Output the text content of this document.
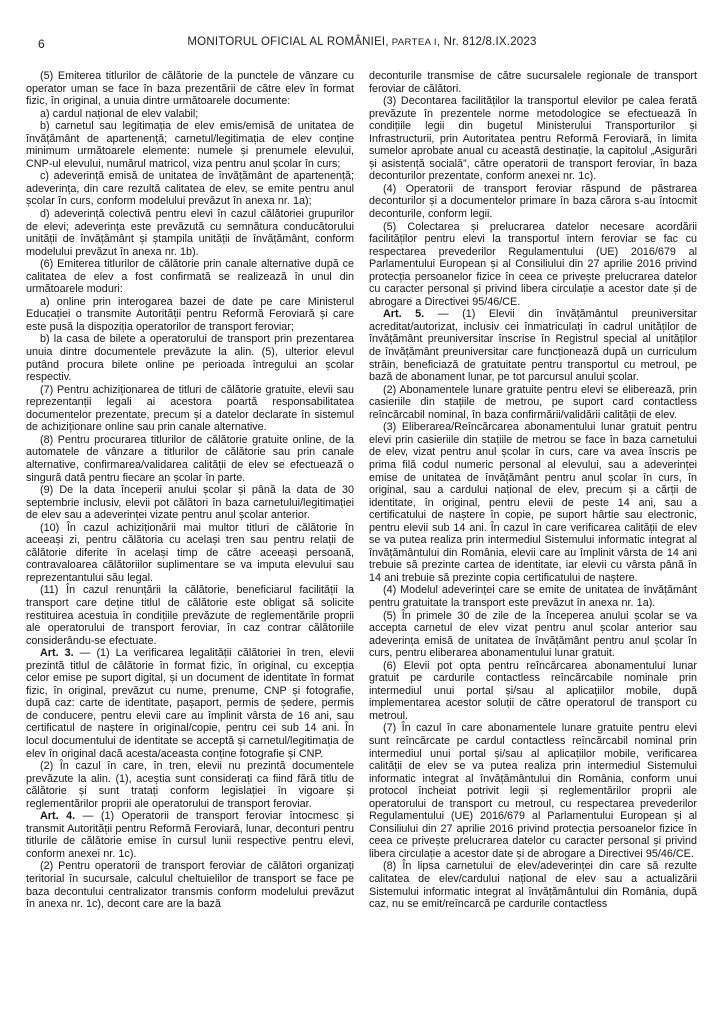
6	MONITORUL OFICIAL AL ROMÂNIEI, PARTEA I, Nr. 812/8.IX.2023

(5) Emiterea titlurilor de călătorie de la punctele de vânzare cu operator uman se face în baza prezentării de către elev în format fizic, în original, a unuia dintre următoarele documente:

a) cardul național de elev valabil;

b) carnetul sau legitimația de elev emis/emisă de unitatea de învățământ de apartenență; carnetul/legitimația de elev conține minimum următoarele elemente: numele și prenumele elevului, CNP-ul elevului, numărul matricol, viza pentru anul școlar în curs;

c) adeverință emisă de unitatea de învățământ de apartenență; adeverința, din care rezultă calitatea de elev, se emite pentru anul școlar în curs, conform modelului prevăzut în anexa nr. 1a);

d) adeverință colectivă pentru elevi în cazul călătoriei grupurilor de elevi; adeverința este prevăzută cu semnătura conducătorului unității de învățământ și ștampila unității de învățământ, conform modelului prevăzut în anexa nr. 1b).

(6) Emiterea titlurilor de călătorie prin canale alternative după ce calitatea de elev a fost confirmată se realizează în unul din următoarele moduri:

a) online prin interogarea bazei de date pe care Ministerul Educației o transmite Autorității pentru Reformă Feroviară și care este pusă la dispoziția operatorilor de transport feroviar;

b) la casa de bilete a operatorului de transport prin prezentarea unuia dintre documentele prevăzute la alin. (5), ulterior elevul putând procura bilete online pe perioada întregului an școlar respectiv.

(7) Pentru achiziționarea de titluri de călătorie gratuite, elevii sau reprezentanții legali ai acestora poartă responsabilitatea documentelor prezentate, precum și a datelor declarate în sistemul de achiziționare online sau prin canale alternative.

(8) Pentru procurarea titlurilor de călătorie gratuite online, de la automatele de vânzare a titlurilor de călătorie sau prin canale alternative, confirmarea/validarea calității de elev se efectuează o singură dată pentru fiecare an școlar în parte.

(9) De la data începerii anului școlar și până la data de 30 septembrie inclusiv, elevii pot călători în baza carnetului/legitimației de elev sau a adeverinței vizate pentru anul școlar anterior.

(10) În cazul achiziționării mai multor titluri de călătorie în aceeași zi, pentru călătoria cu același tren sau pentru relații de călătorie diferite în același timp de către aceeași persoană, contravaloarea călătoriilor suplimentare se va imputa elevului sau reprezentantului său legal.

(11) În cazul renunțării la călătorie, beneficiarul facilității la transport care deține titlul de călătorie este obligat să solicite restituirea acestuia în condițiile prevăzute de reglementările proprii ale operatorului de transport feroviar, în caz contrar călătoriile considerându-se efectuate.

Art. 3. — (1) La verificarea legalității călătoriei în tren, elevii prezintă titlul de călătorie în format fizic, în original, cu excepția celor emise pe suport digital, și un document de identitate în format fizic, în original, prevăzut cu nume, prenume, CNP și fotografie, după caz: carte de identitate, pașaport, permis de ședere, permis de conducere, pentru elevii care au împlinit vârsta de 16 ani, sau certificatul de naștere în original/copie, pentru cei sub 14 ani. În locul documentului de identitate se acceptă și carnetul/legitimația de elev în original dacă acesta/aceasta conține fotografie și CNP.

(2) În cazul în care, în tren, elevii nu prezintă documentele prevăzute la alin. (1), aceștia sunt considerați ca fiind fără titlu de călătorie și sunt tratați conform legislației în vigoare și reglementărilor proprii ale operatorului de transport feroviar.

Art. 4. — (1) Operatorii de transport feroviar întocmesc și transmit Autorității pentru Reformă Feroviară, lunar, deconturi pentru titlurile de călătorie emise în cursul lunii respective pentru elevi, conform anexei nr. 1c).

(2) Pentru operatorii de transport feroviar de călători organizați teritorial în sucursale, calculul cheltuielilor de transport se face pe baza decontului centralizator transmis conform modelului prevăzut în anexa nr. 1c), decont care are la bază

deconturile transmise de către sucursalele regionale de transport feroviar de călători.

(3) Decontarea facilităților la transportul elevilor pe calea ferată prevăzute în prezentele norme metodologice se efectuează în condițiile legii din bugetul Ministerului Transporturilor și Infrastructurii, prin Autoritatea pentru Reformă Feroviară, în limita sumelor aprobate anual cu această destinație, la capitolul „Asigurări și asistență socială”, către operatorii de transport feroviar, în baza deconturilor prezentate, conform anexei nr. 1c).

(4) Operatorii de transport feroviar răspund de păstrarea deconturilor și a documentelor primare în baza cărora s-au întocmit deconturile, conform legii.

(5) Colectarea și prelucrarea datelor necesare acordării facilităților pentru elevi la transportul intern feroviar se fac cu respectarea prevederilor Regulamentului (UE) 2016/679 al Parlamentului European și al Consiliului din 27 aprilie 2016 privind protecția persoanelor fizice în ceea ce privește prelucrarea datelor cu caracter personal și privind libera circulație a acestor date și de abrogare a Directivei 95/46/CE.

Art. 5. — (1) Elevii din învățământul preuniversitar acreditat/autorizat, inclusiv cei înmatriculați în cadrul unităților de învățământ preuniversitar înscrise în Registrul special al unităților de învățământ preuniversitar care funcționează după un curriculum străin, beneficiază de gratuitate pentru transportul cu metroul, pe bază de abonament lunar, pe tot parcursul anului școlar.

(2) Abonamentele lunare gratuite pentru elevi se eliberează, prin casieriile din stațiile de metrou, pe suport card contactless reîncărcabil nominal, în baza confirmării/validării calității de elev.

(3) Eliberarea/Reîncărcarea abonamentului lunar gratuit pentru elevi prin casieriile din stațiile de metrou se face în baza carnetului de elev, vizat pentru anul școlar în curs, care va avea înscris pe prima filă codul numeric personal al elevului, sau a adeverinței emise de unitatea de învățământ pentru anul școlar în curs, în original, sau a cardului național de elev, precum și a cărții de identitate, în original, pentru elevii de peste 14 ani, sau a certificatului de naștere în copie, pe suport hârtie sau electronic, pentru elevii sub 14 ani. În cazul în care verificarea calității de elev se va putea realiza prin intermediul Sistemului informatic integrat al învățământului din România, elevii care au împlinit vârsta de 14 ani trebuie să prezinte cartea de identitate, iar elevii cu vârsta până în 14 ani trebuie să prezinte copia certificatului de naștere.

(4) Modelul adeverinței care se emite de unitatea de învățământ pentru gratuitate la transport este prevăzut în anexa nr. 1a).

(5) În primele 30 de zile de la începerea anului școlar se va accepta carnetul de elev vizat pentru anul școlar anterior sau adeverința emisă de unitatea de învățământ pentru anul școlar în curs, pentru eliberarea abonamentului lunar gratuit.

(6) Elevii pot opta pentru reîncărcarea abonamentului lunar gratuit pe cardurile contactless reîncărcabile nominale prin intermediul unui portal și/sau al aplicațiilor mobile, după implementarea acestor soluții de către operatorul de transport cu metroul.

(7) În cazul în care abonamentele lunare gratuite pentru elevi sunt reîncărcate pe cardul contactless reîncărcabil nominal prin intermediul unui portal și/sau al aplicațiilor mobile, verificarea calității de elev se va putea realiza prin intermediul Sistemului informatic integrat al învățământului din România, conform unui protocol încheiat potrivit legii și reglementărilor proprii ale operatorului de transport cu metroul, cu respectarea prevederilor Regulamentului (UE) 2016/679 al Parlamentului European și al Consiliului din 27 aprilie 2016 privind protecția persoanelor fizice în ceea ce privește prelucrarea datelor cu caracter personal și privind libera circulație a acestor date și de abrogare a Directivei 95/46/CE.

(8) În lipsa carnetului de elev/adeverinței din care să rezulte calitatea de elev/cardului național de elev sau a actualizării Sistemului informatic integrat al învățământului din România, după caz, nu se emit/reîncarcă pe cardurile contactless
